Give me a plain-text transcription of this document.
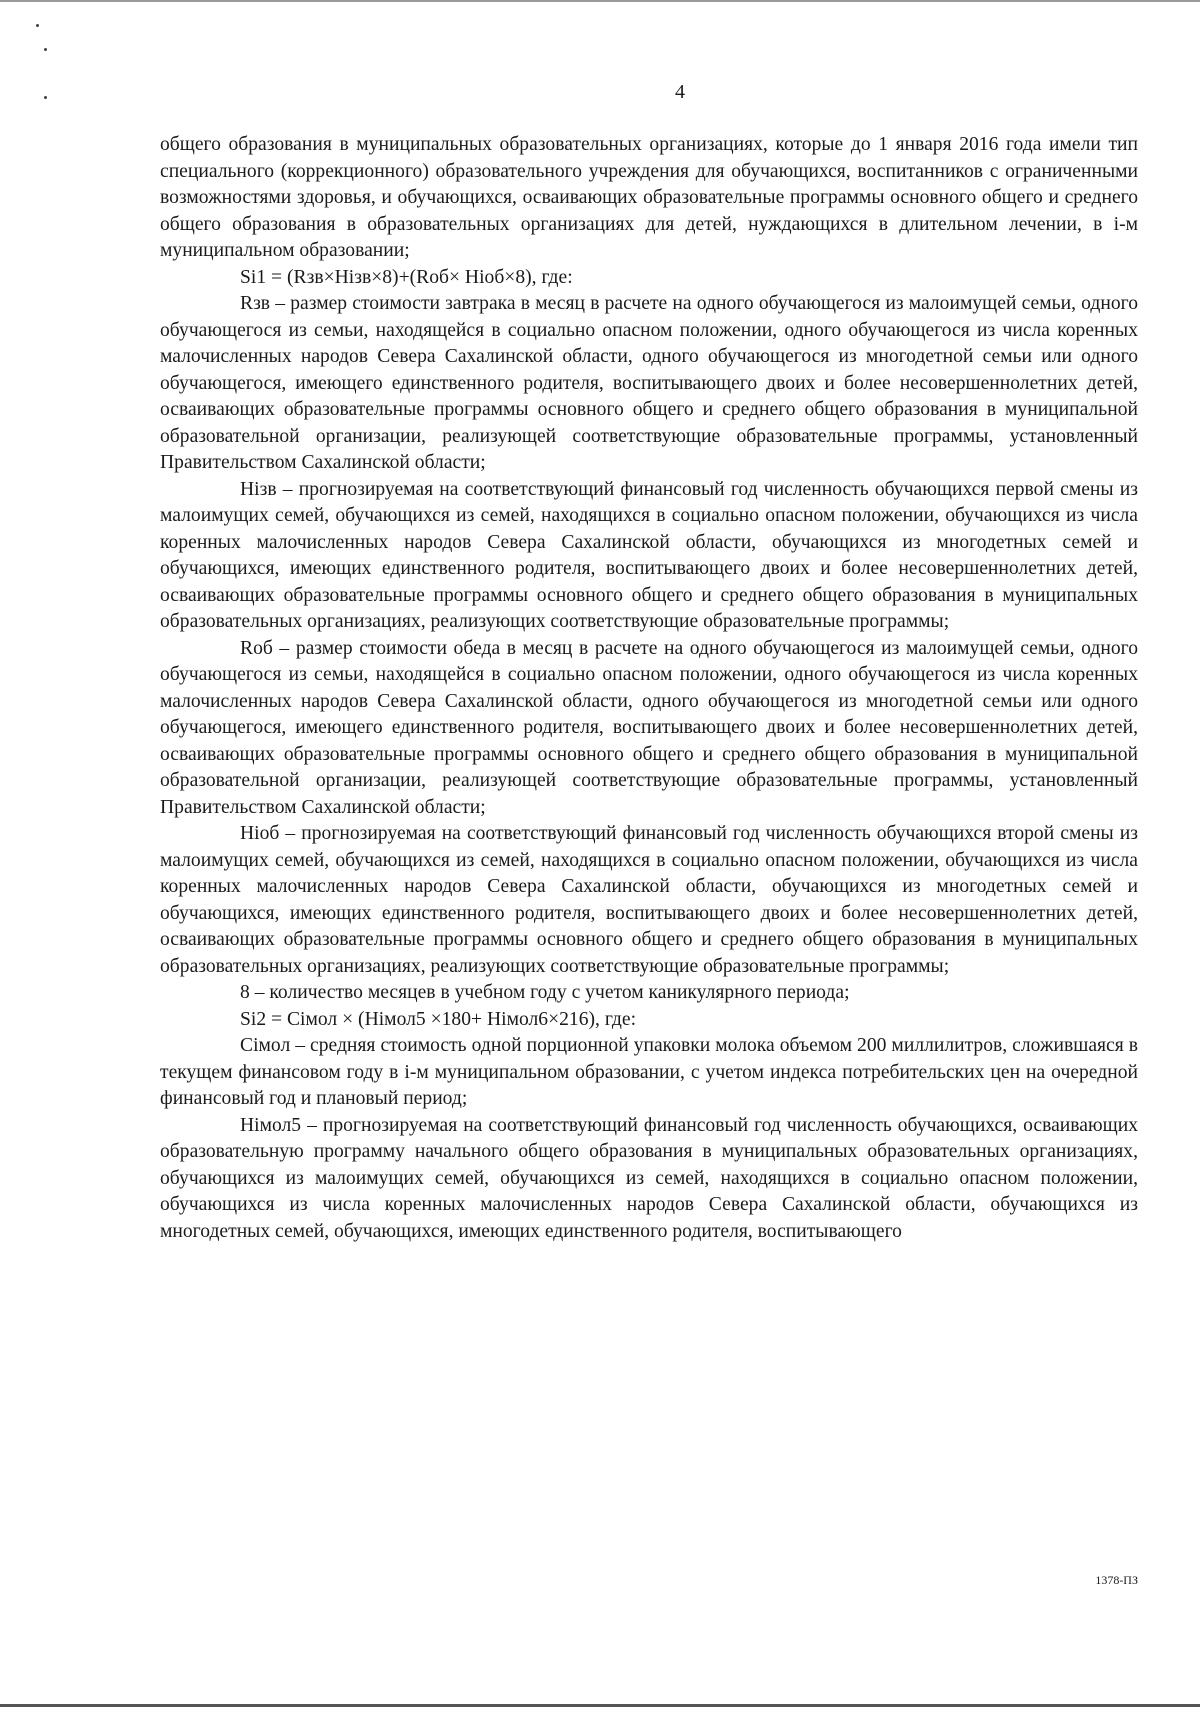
4

общего образования в муниципальных образовательных организациях, которые до 1 января 2016 года имели тип специального (коррекционного) образовательного учреждения для обучающихся, воспитанников с ограниченными возможностями здоровья, и обучающихся, осваивающих образовательные программы основного общего и среднего общего образования в образовательных организациях для детей, нуждающихся в длительном лечении, в i-м муниципальном образовании;

Si1 = (Rзв×Hiзв×8)+(Rоб× Hiоб×8), где:

Rзв – размер стоимости завтрака в месяц в расчете на одного обучающегося из малоимущей семьи, одного обучающегося из семьи, находящейся в социально опасном положении, одного обучающегося из числа коренных малочисленных народов Севера Сахалинской области, одного обучающегося из многодетной семьи или одного обучающегося, имеющего единственного родителя, воспитывающего двоих и более несовершеннолетних детей, осваивающих образовательные программы основного общего и среднего общего образования в муниципальной образовательной организации, реализующей соответствующие образовательные программы, установленный Правительством Сахалинской области;

Hiзв – прогнозируемая на соответствующий финансовый год численность обучающихся первой смены из малоимущих семей, обучающихся из семей, находящихся в социально опасном положении, обучающихся из числа коренных малочисленных народов Севера Сахалинской области, обучающихся из многодетных семей и обучающихся, имеющих единственного родителя, воспитывающего двоих и более несовершеннолетних детей, осваивающих образовательные программы основного общего и среднего общего образования в муниципальных образовательных организациях, реализующих соответствующие образовательные программы;

Rоб – размер стоимости обеда в месяц в расчете на одного обучающегося из малоимущей семьи, одного обучающегося из семьи, находящейся в социально опасном положении, одного обучающегося из числа коренных малочисленных народов Севера Сахалинской области, одного обучающегося из многодетной семьи или одного обучающегося, имеющего единственного родителя, воспитывающего двоих и более несовершеннолетних детей, осваивающих образовательные программы основного общего и среднего общего образования в муниципальной образовательной организации, реализующей соответствующие образовательные программы, установленный Правительством Сахалинской области;

Hiоб – прогнозируемая на соответствующий финансовый год численность обучающихся второй смены из малоимущих семей, обучающихся из семей, находящихся в социально опасном положении, обучающихся из числа коренных малочисленных народов Севера Сахалинской области, обучающихся из многодетных семей и обучающихся, имеющих единственного родителя, воспитывающего двоих и более несовершеннолетних детей, осваивающих образовательные программы основного общего и среднего общего образования в муниципальных образовательных организациях, реализующих соответствующие образовательные программы;

8 – количество месяцев в учебном году с учетом каникулярного периода;

Si2 = Ciмол × (Hiмол5 ×180+ Hiмол6×216), где:

Ciмол – средняя стоимость одной порционной упаковки молока объемом 200 миллилитров, сложившаяся в текущем финансовом году в i-м муниципальном образовании, с учетом индекса потребительских цен на очередной финансовый год и плановый период;

Hiмол5 – прогнозируемая на соответствующий финансовый год численность обучающихся, осваивающих образовательную программу начального общего образования в муниципальных образовательных организациях, обучающихся из малоимущих семей, обучающихся из семей, находящихся в социально опасном положении, обучающихся из числа коренных малочисленных народов Севера Сахалинской области, обучающихся из многодетных семей, обучающихся, имеющих единственного родителя, воспитывающего

1378-ПЗ
